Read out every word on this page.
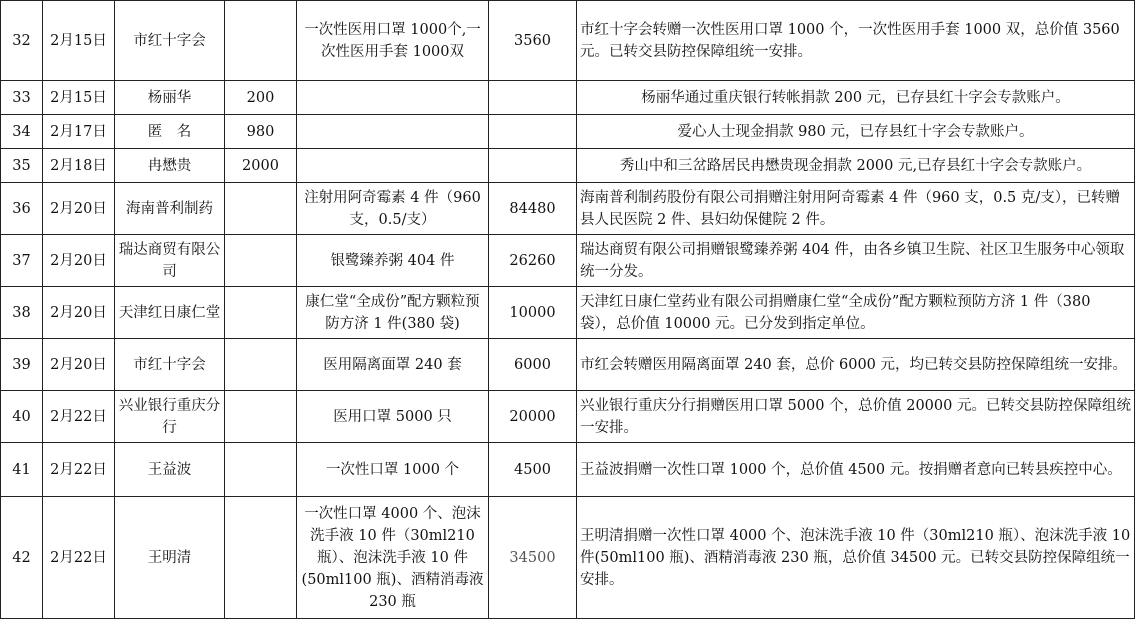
32	2月15日	市红十字会		一次性医用口罩 1000个,一次性医用手套 1000双	3560	市红十字会转赠一次性医用口罩 1000 个，一次性医用手套 1000 双，总价值 3560 元。已转交县防控保障组统一安排。
33	2月15日	杨丽华	200			杨丽华通过重庆银行转帐捐款 200 元，已存县红十字会专款账户。
34	2月17日	匿　名	980			爱心人士现金捐款 980 元，已存县红十字会专款账户。
35	2月18日	冉懋贵	2000			秀山中和三岔路居民冉懋贵现金捐款 2000 元,已存县红十字会专款账户。
36	2月20日	海南普利制药		注射用阿奇霉素 4 件（960 支，0.5/支）	84480	海南普利制药股份有限公司捐赠注射用阿奇霉素 4 件（960 支，0.5 克/支），已转赠县人民医院 2 件、县妇幼保健院 2 件。
37	2月20日	瑞达商贸有限公司		银鹭臻养粥 404 件	26260	瑞达商贸有限公司捐赠银鹭臻养粥 404 件，由各乡镇卫生院、社区卫生服务中心领取统一分发。
38	2月20日	天津红日康仁堂		康仁堂“全成份”配方颗粒预防方济 1 件(380 袋)	10000	天津红日康仁堂药业有限公司捐赠康仁堂“全成份”配方颗粒预防方济 1 件（380 袋），总价值 10000 元。已分发到指定单位。
39	2月20日	市红十字会		医用隔离面罩 240 套	6000	市红会转赠医用隔离面罩 240 套，总价 6000 元，均已转交县防控保障组统一安排。
40	2月22日	兴业银行重庆分行		医用口罩 5000 只	20000	兴业银行重庆分行捐赠医用口罩 5000 个，总价值 20000 元。已转交县防控保障组统一安排。
41	2月22日	王益波		一次性口罩 1000 个	4500	王益波捐赠一次性口罩 1000 个，总价值 4500 元。按捐赠者意向已转县疾控中心。
42	2月22日	王明清		一次性口罩 4000 个、泡沫洗手液 10 件（30ml210 瓶）、泡沫洗手液 10 件(50ml100 瓶)、酒精消毒液 230 瓶	34500	王明清捐赠一次性口罩 4000 个、泡沫洗手液 10 件（30ml210 瓶）、泡沫洗手液 10 件(50ml100 瓶)、酒精消毒液 230 瓶，总价值 34500 元。已转交县防控保障组统一安排。
